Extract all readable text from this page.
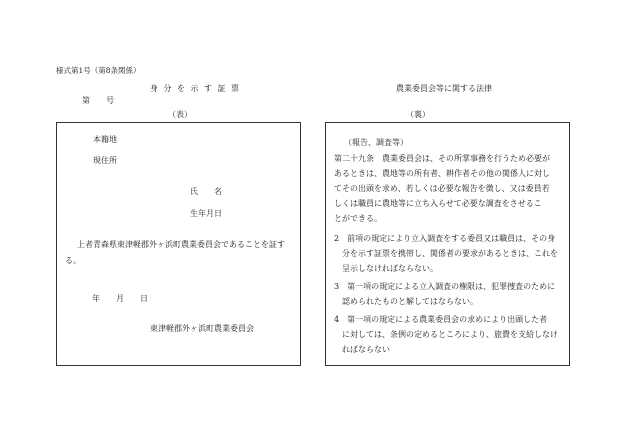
様式第1号（第8条関係）
身分を示す証票
第　　号
（表）
本籍地
現住所
氏　　名
生年月日
上者青森県東津軽郡外ヶ浜町農業委員会であることを証す
る。
年　　月　　日
東津軽郡外ヶ浜町農業委員会
農業委員会等に関する法律
（裏）
（報告、調査等）
第二十九条　農業委員会は、その所掌事務を行うため必要が
あるときは、農地等の所有者、耕作者その他の関係人に対し
てその出頭を求め、若しくは必要な報告を徴し、又は委員若
しくは職員に農地等に立ち入らせて必要な調査をさせるこ
とができる。
2　前項の規定により立入調査をする委員又は職員は、その身
　分を示す証票を携帯し、関係者の要求があるときは、これを
　呈示しなければならない。
3　第一項の規定による立入調査の権限は、犯罪捜査のために
　認められたものと解してはならない。
4　第一項の規定による農業委員会の求めにより出頭した者
　に対しては、条例の定めるところにより、旅費を支給しなけ
　ればならない
